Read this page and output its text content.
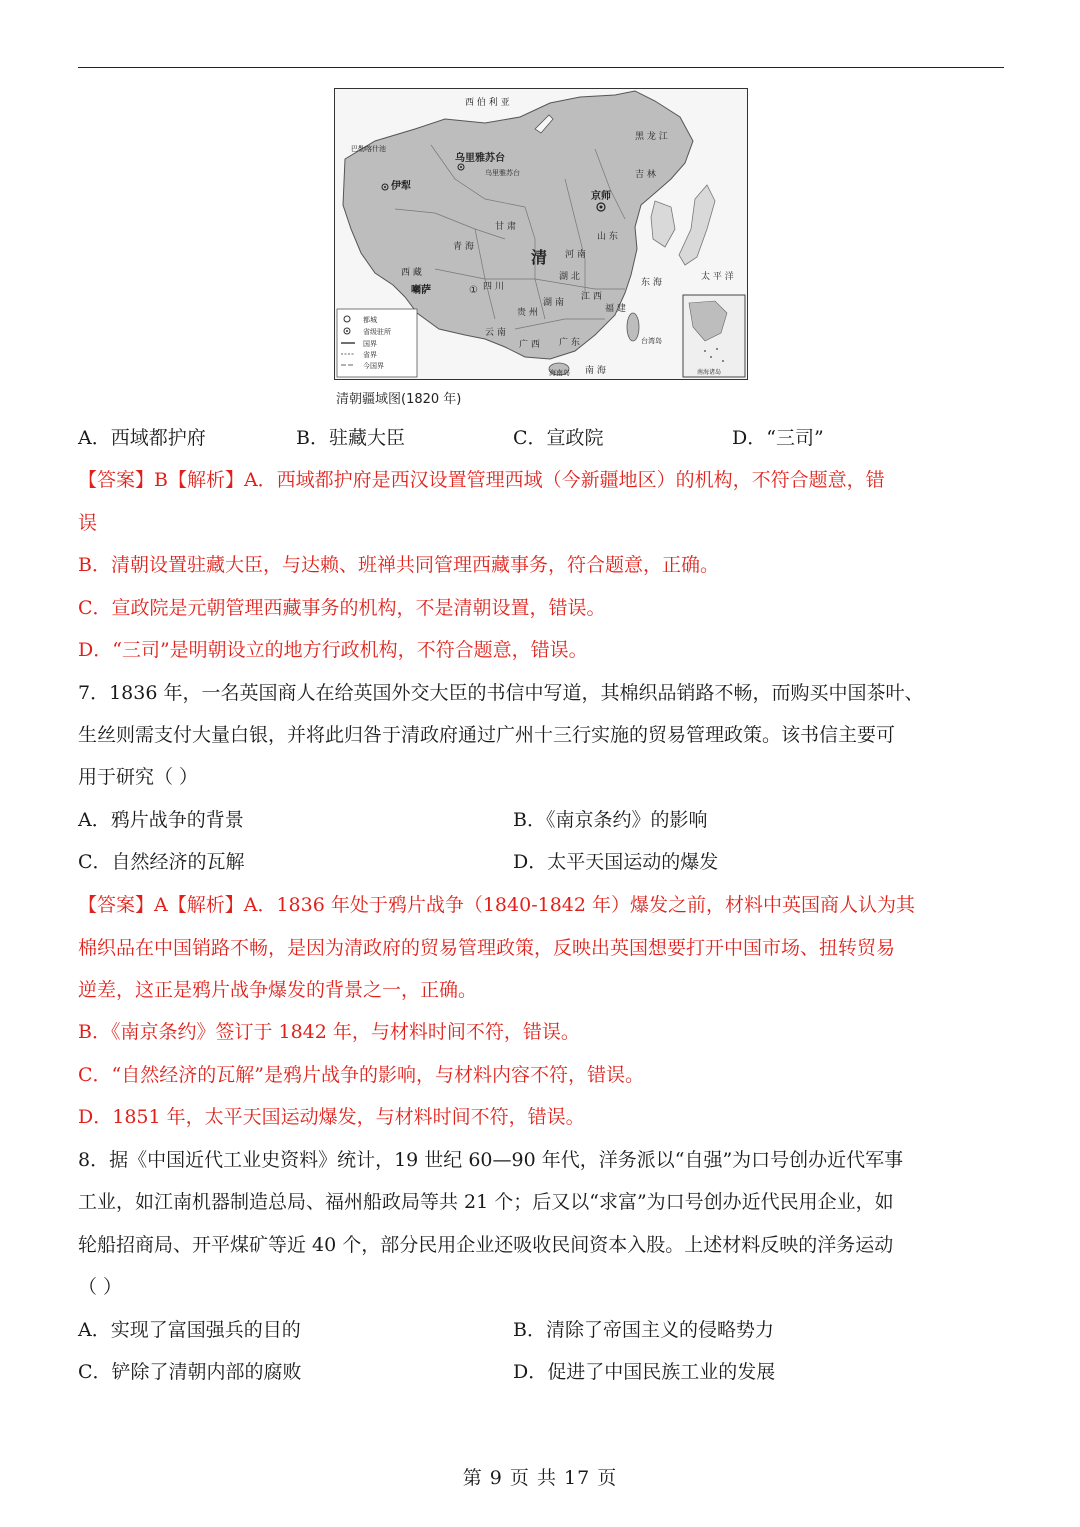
西 伯 利 亚
巴勒喀什池
乌里雅苏台
乌里雅苏台
伊犁
京师
清
喇萨	①
青 海
甘 肃
四 川
云 南
贵 州
湖 南
湖 北
河 南
山 东
江 西
广 东
广 西
福 建
台湾岛
海南岛 南 海
吉 林
黑 龙 江
太 平 洋
东 海
西 藏
都城
省级驻所
国界
省界
今国界
南海诸岛
清朝疆域图(1820 年)
A．西域都护府	B．驻藏大臣	C．宣政院	D．“三司”
【答案】B【解析】A．西域都护府是西汉设置管理西域（今新疆地区）的机构，不符合题意，错
误
B．清朝设置驻藏大臣，与达赖、班禅共同管理西藏事务，符合题意，正确。
C．宣政院是元朝管理西藏事务的机构，不是清朝设置，错误。
D．“三司”是明朝设立的地方行政机构，不符合题意，错误。
7．1836 年，一名英国商人在给英国外交大臣的书信中写道，其棉织品销路不畅，而购买中国茶叶、
生丝则需支付大量白银，并将此归咎于清政府通过广州十三行实施的贸易管理政策。该书信主要可
用于研究（ ）
A．鸦片战争的背景	B．《南京条约》的影响
C．自然经济的瓦解	D．太平天国运动的爆发
【答案】A【解析】A．1836 年处于鸦片战争（1840-1842 年）爆发之前，材料中英国商人认为其
棉织品在中国销路不畅，是因为清政府的贸易管理政策，反映出英国想要打开中国市场、扭转贸易
逆差，这正是鸦片战争爆发的背景之一，正确。
B．《南京条约》签订于 1842 年，与材料时间不符，错误。
C．“自然经济的瓦解”是鸦片战争的影响，与材料内容不符，错误。
D．1851 年，太平天国运动爆发，与材料时间不符，错误。
8．据《中国近代工业史资料》统计，19 世纪 60—90 年代，洋务派以“自强”为口号创办近代军事
工业，如江南机器制造总局、福州船政局等共 21 个；后又以“求富”为口号创办近代民用企业，如
轮船招商局、开平煤矿等近 40 个，部分民用企业还吸收民间资本入股。上述材料反映的洋务运动
（ ）
A．实现了富国强兵的目的	B．清除了帝国主义的侵略势力
C．铲除了清朝内部的腐败	D．促进了中国民族工业的发展
第 9 页 共 17 页
